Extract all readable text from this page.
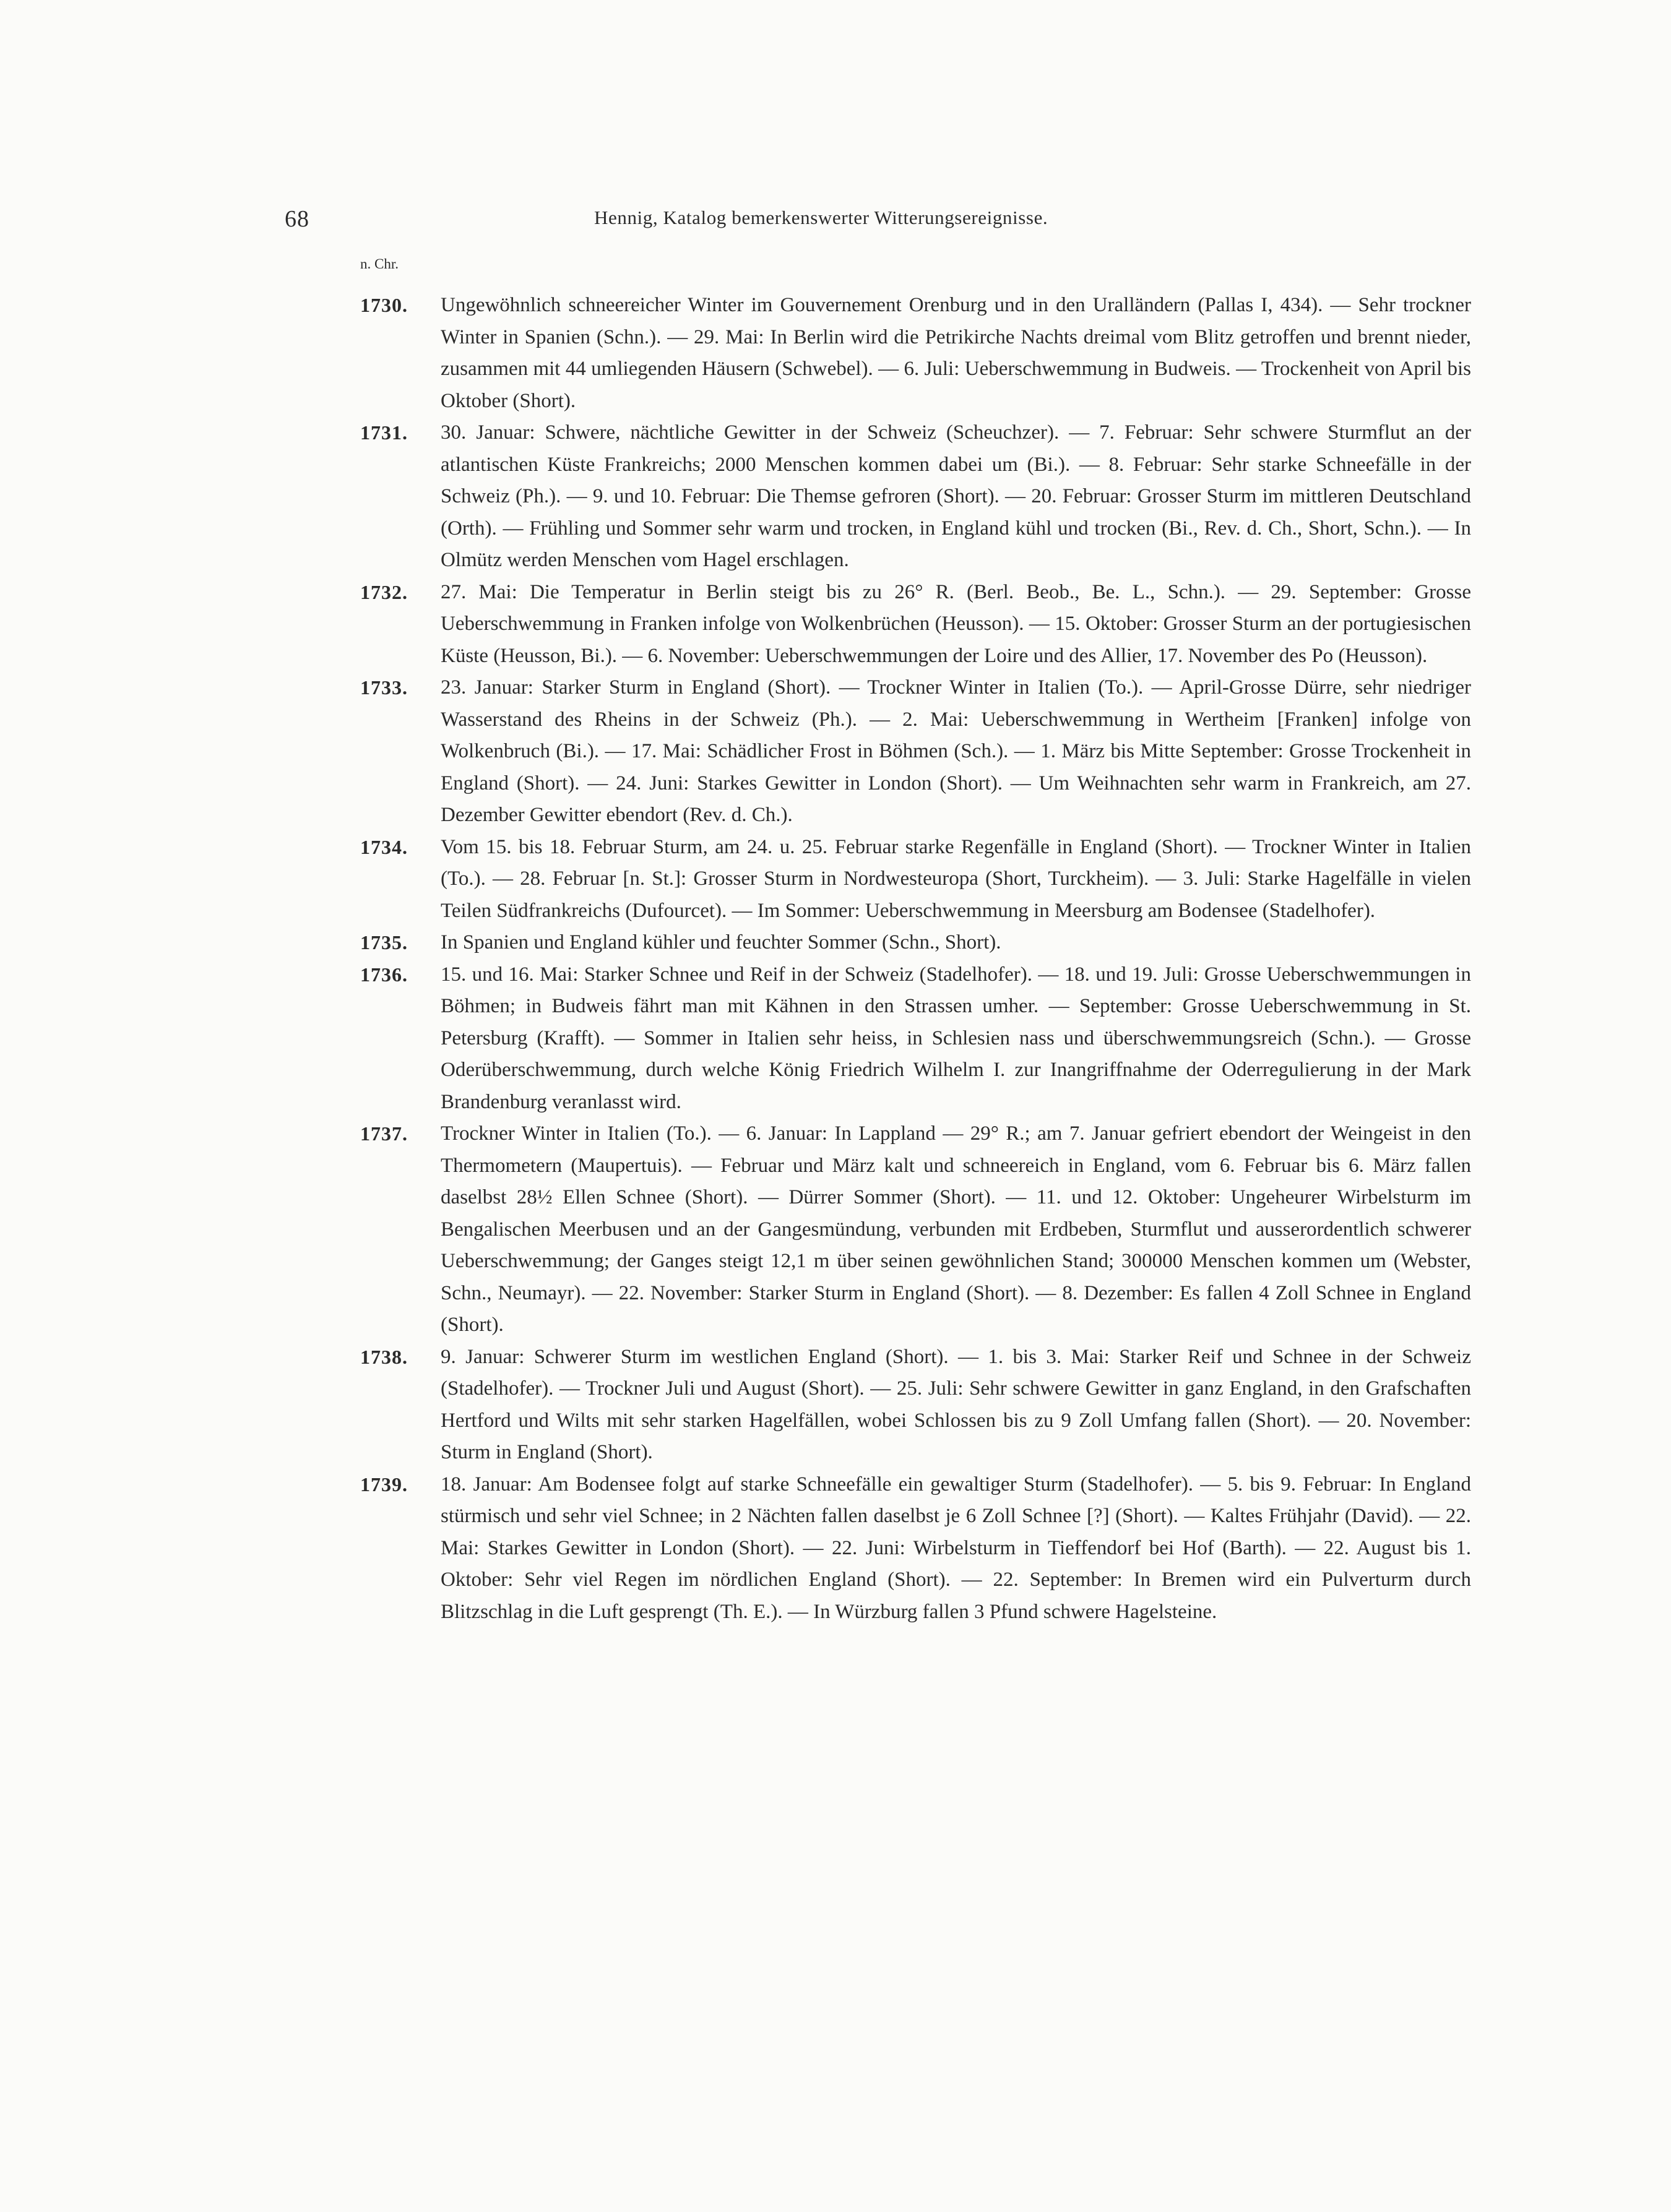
68	Hennig, Katalog bemerkenswerter Witterungsereignisse.
n. Chr.
1730.	Ungewöhnlich schneereicher Winter im Gouvernement Orenburg und in den Uralländern (Pallas I, 434). — Sehr trockner Winter in Spanien (Schn.). — 29. Mai: In Berlin wird die Petrikirche Nachts dreimal vom Blitz getroffen und brennt nieder, zusammen mit 44 umliegenden Häusern (Schwebel). — 6. Juli: Ueberschwemmung in Budweis. — Trockenheit von April bis Oktober (Short).
1731.	30. Januar: Schwere, nächtliche Gewitter in der Schweiz (Scheuchzer). — 7. Februar: Sehr schwere Sturmflut an der atlantischen Küste Frankreichs; 2000 Menschen kommen dabei um (Bi.). — 8. Februar: Sehr starke Schneefälle in der Schweiz (Ph.). — 9. und 10. Februar: Die Themse gefroren (Short). — 20. Februar: Grosser Sturm im mittleren Deutschland (Orth). — Frühling und Sommer sehr warm und trocken, in England kühl und trocken (Bi., Rev. d. Ch., Short, Schn.). — In Olmütz werden Menschen vom Hagel erschlagen.
1732.	27. Mai: Die Temperatur in Berlin steigt bis zu 26° R. (Berl. Beob., Be. L., Schn.). — 29. September: Grosse Ueberschwemmung in Franken infolge von Wolkenbrüchen (Heusson). — 15. Oktober: Grosser Sturm an der portugiesischen Küste (Heusson, Bi.). — 6. November: Ueberschwemmungen der Loire und des Allier, 17. November des Po (Heusson).
1733.	23. Januar: Starker Sturm in England (Short). — Trockner Winter in Italien (To.). — April-Grosse Dürre, sehr niedriger Wasserstand des Rheins in der Schweiz (Ph.). — 2. Mai: Ueberschwemmung in Wertheim [Franken] infolge von Wolkenbruch (Bi.). — 17. Mai: Schädlicher Frost in Böhmen (Sch.). — 1. März bis Mitte September: Grosse Trockenheit in England (Short). — 24. Juni: Starkes Gewitter in London (Short). — Um Weihnachten sehr warm in Frankreich, am 27. Dezember Gewitter ebendort (Rev. d. Ch.).
1734.	Vom 15. bis 18. Februar Sturm, am 24. u. 25. Februar starke Regenfälle in England (Short). — Trockner Winter in Italien (To.). — 28. Februar [n. St.]: Grosser Sturm in Nordwesteuropa (Short, Turckheim). — 3. Juli: Starke Hagelfälle in vielen Teilen Südfrankreichs (Dufourcet). — Im Sommer: Ueberschwemmung in Meersburg am Bodensee (Stadelhofer).
1735.	In Spanien und England kühler und feuchter Sommer (Schn., Short).
1736.	15. und 16. Mai: Starker Schnee und Reif in der Schweiz (Stadelhofer). — 18. und 19. Juli: Grosse Ueberschwemmungen in Böhmen; in Budweis fährt man mit Kähnen in den Strassen umher. — September: Grosse Ueberschwemmung in St. Petersburg (Krafft). — Sommer in Italien sehr heiss, in Schlesien nass und überschwemmungsreich (Schn.). — Grosse Oderüberschwemmung, durch welche König Friedrich Wilhelm I. zur Inangriffnahme der Oderregulierung in der Mark Brandenburg veranlasst wird.
1737.	Trockner Winter in Italien (To.). — 6. Januar: In Lappland — 29° R.; am 7. Januar gefriert ebendort der Weingeist in den Thermometern (Maupertuis). — Februar und März kalt und schneereich in England, vom 6. Februar bis 6. März fallen daselbst 28½ Ellen Schnee (Short). — Dürrer Sommer (Short). — 11. und 12. Oktober: Ungeheurer Wirbelsturm im Bengalischen Meerbusen und an der Gangesmündung, verbunden mit Erdbeben, Sturmflut und ausserordentlich schwerer Ueberschwemmung; der Ganges steigt 12,1 m über seinen gewöhnlichen Stand; 300000 Menschen kommen um (Webster, Schn., Neumayr). — 22. November: Starker Sturm in England (Short). — 8. Dezember: Es fallen 4 Zoll Schnee in England (Short).
1738.	9. Januar: Schwerer Sturm im westlichen England (Short). — 1. bis 3. Mai: Starker Reif und Schnee in der Schweiz (Stadelhofer). — Trockner Juli und August (Short). — 25. Juli: Sehr schwere Gewitter in ganz England, in den Grafschaften Hertford und Wilts mit sehr starken Hagelfällen, wobei Schlossen bis zu 9 Zoll Umfang fallen (Short). — 20. November: Sturm in England (Short).
1739.	18. Januar: Am Bodensee folgt auf starke Schneefälle ein gewaltiger Sturm (Stadelhofer). — 5. bis 9. Februar: In England stürmisch und sehr viel Schnee; in 2 Nächten fallen daselbst je 6 Zoll Schnee [?] (Short). — Kaltes Frühjahr (David). — 22. Mai: Starkes Gewitter in London (Short). — 22. Juni: Wirbelsturm in Tieffendorf bei Hof (Barth). — 22. August bis 1. Oktober: Sehr viel Regen im nördlichen England (Short). — 22. September: In Bremen wird ein Pulverturm durch Blitzschlag in die Luft gesprengt (Th. E.). — In Würzburg fallen 3 Pfund schwere Hagelsteine.
